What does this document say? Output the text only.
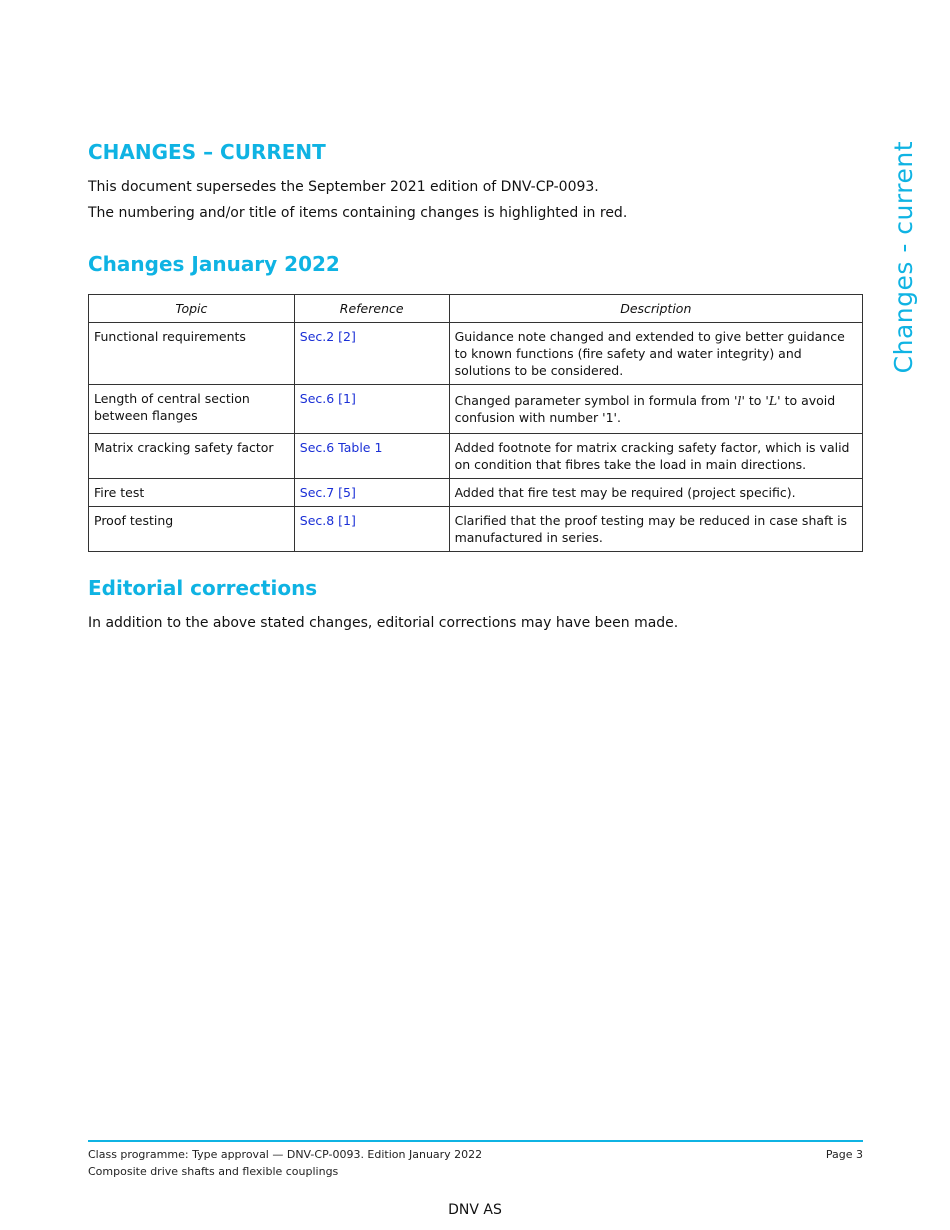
Changes - current
CHANGES – CURRENT

This document supersedes the September 2021 edition of DNV-CP-0093.

The numbering and/or title of items containing changes is highlighted in red.

Changes January 2022
Topic	Reference	Description
Functional requirements	Sec.2 [2]	Guidance note changed and extended to give better guidance to known functions (fire safety and water integrity) and solutions to be considered.
Length of central section between flanges	Sec.6 [1]	Changed parameter symbol in formula from 'l' to 'L' to avoid confusion with number '1'.
Matrix cracking safety factor	Sec.6 Table 1	Added footnote for matrix cracking safety factor, which is valid on condition that fibres take the load in main directions.
Fire test	Sec.7 [5]	Added that fire test may be required (project specific).
Proof testing	Sec.8 [1]	Clarified that the proof testing may be reduced in case shaft is manufactured in series.
Editorial corrections

In addition to the above stated changes, editorial corrections may have been made.

Class programme: Type approval — DNV-CP-0093. Edition January 2022
Composite drive shafts and flexible couplings
Page 3
DNV AS
